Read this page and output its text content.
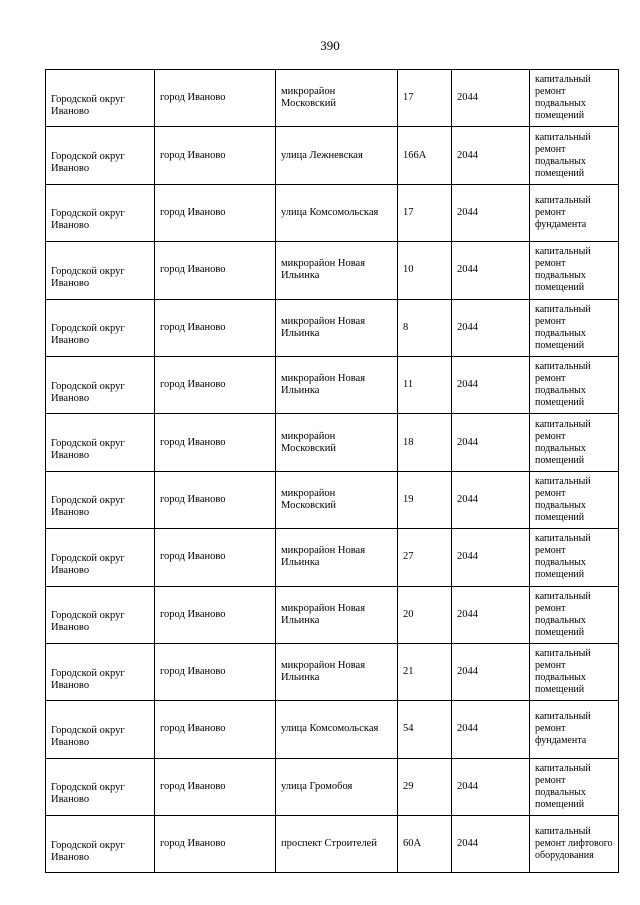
390
Городской округ Иваново	город Иваново	микрорайон Московский	17	2044	капитальный ремонт подвальных помещений

Городской округ Иваново	город Иваново	улица Лежневская	166А	2044	капитальный ремонт подвальных помещений

Городской округ Иваново	город Иваново	улица Комсомольская	17	2044	капитальный ремонт фундамента

Городской округ Иваново	город Иваново	микрорайон Новая Ильинка	10	2044	капитальный ремонт подвальных помещений

Городской округ Иваново	город Иваново	микрорайон Новая Ильинка	8	2044	капитальный ремонт подвальных помещений

Городской округ Иваново	город Иваново	микрорайон Новая Ильинка	11	2044	капитальный ремонт подвальных помещений

Городской округ Иваново	город Иваново	микрорайон Московский	18	2044	капитальный ремонт подвальных помещений

Городской округ Иваново	город Иваново	микрорайон Московский	19	2044	капитальный ремонт подвальных помещений

Городской округ Иваново	город Иваново	микрорайон Новая Ильинка	27	2044	капитальный ремонт подвальных помещений

Городской округ Иваново	город Иваново	микрорайон Новая Ильинка	20	2044	капитальный ремонт подвальных помещений

Городской округ Иваново	город Иваново	микрорайон Новая Ильинка	21	2044	капитальный ремонт подвальных помещений

Городской округ Иваново	город Иваново	улица Комсомольская	54	2044	капитальный ремонт фундамента

Городской округ Иваново	город Иваново	улица Громобоя	29	2044	капитальный ремонт подвальных помещений

Городской округ Иваново	город Иваново	проспект Строителей	60А	2044	капитальный ремонт лифтового оборудования
